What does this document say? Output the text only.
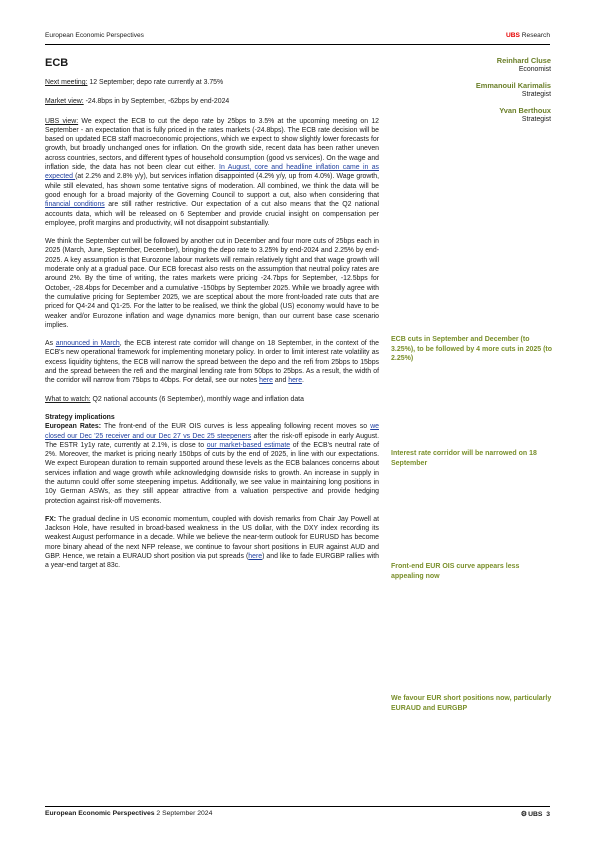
European Economic Perspectives	UBS Research
ECB

Next meeting: 12 September; depo rate currently at 3.75%

Market view: -24.8bps in by September, -62bps by end-2024

UBS view: We expect the ECB to cut the depo rate by 25bps to 3.5% at the upcoming meeting on 12 September - an expectation that is fully priced in the rates markets (-24.8bps). The ECB rate decision will be based on updated ECB staff macroeconomic projections, which we expect to show slightly lower forecasts for growth, but broadly unchanged ones for inflation. On the growth side, recent data has been rather uneven across countries, sectors, and different types of household consumption (good vs services). On the wage and inflation side, the data has not been clear cut either. In August, core and headline inflation came in as expected (at 2.2% and 2.8% y/y), but services inflation disappointed (4.2% y/y, up from 4.0%). Wage growth, while still elevated, has shown some tentative signs of moderation. All combined, we think the data will be good enough for a broad majority of the Governing Council to support a cut, also when considering that financial conditions are still rather restrictive. Our expectation of a cut also means that the Q2 national accounts data, which will be released on 6 September and provide crucial insight on compensation per employee, profit margins and productivity, will not disappoint substantially.

We think the September cut will be followed by another cut in December and four more cuts of 25bps each in 2025 (March, June, September, December), bringing the depo rate to 3.25% by end-2024 and 2.25% by end-2025. A key assumption is that Eurozone labour markets will remain relatively tight and that wage growth will moderate only at a gradual pace. Our ECB forecast also rests on the assumption that neutral policy rates are around 2%. By the time of writing, the rates markets were pricing -24.7bps for September, -12.5bps for October, -28.4bps for December and a cumulative -150bps by September 2025. While we broadly agree with the cumulative pricing for September 2025, we are sceptical about the more front-loaded rate cuts that are priced for Q4-24 and Q1-25. For the latter to be realised, we think the global (US) economy would have to be weaker and/or Eurozone inflation and wage dynamics more benign, than our current base case scenario implies.

As announced in March, the ECB interest rate corridor will change on 18 September, in the context of the ECB's new operational framework for implementing monetary policy. In order to limit interest rate volatility as excess liquidity tightens, the ECB will narrow the spread between the depo and the refi from 25bps to 15bps and the spread between the refi and the marginal lending rate from 50bps to 25bps. As a result, the width of the corridor will narrow from 75bps to 40bps. For detail, see our notes here and here.

What to watch: Q2 national accounts (6 September), monthly wage and inflation data

Strategy implications

European Rates: The front-end of the EUR OIS curves is less appealing following recent moves so we closed our Dec '25 receiver and our Dec 27 vs Dec 25 steepeners after the risk-off episode in early August. The ESTR 1y1y rate, currently at 2.1%, is close to our market-based estimate of the ECB's neutral rate of 2%. Moreover, the market is pricing nearly 150bps of cuts by the end of 2025, in line with our expectations. We expect European duration to remain supported around these levels as the ECB balances concerns about services inflation and wage growth while acknowledging downside risks to growth. An increase in supply in the autumn could offer some steepening impetus. Additionally, we see value in maintaining long positions in 10y German ASWs, as they still appear attractive from a valuation perspective and provide hedging protection against risk-off movements.

FX: The gradual decline in US economic momentum, coupled with dovish remarks from Chair Jay Powell at Jackson Hole, have resulted in broad-based weakness in the US dollar, with the DXY index recording its weakest August performance in a decade. While we believe the near-term outlook for EURUSD has become more binary ahead of the next NFP release, we continue to favour short positions in EUR against AUD and GBP. Hence, we retain a EURAUD short position via put spreads (here) and like to fade EURGBP rallies with a year-end target at 83c.

Reinhard Cluse
Economist
Emmanouil Karimalis
Strategist
Yvan Berthoux
Strategist
ECB cuts in September and December (to 3.25%), to be followed by 4 more cuts in 2025 (to 2.25%)
Interest rate corridor will be narrowed on 18 September
Front-end EUR OIS curve appears less appealing now
We favour EUR short positions now, particularly EURAUD and EURGBP
European Economic Perspectives 2 September 2024	⚙UBS 3
